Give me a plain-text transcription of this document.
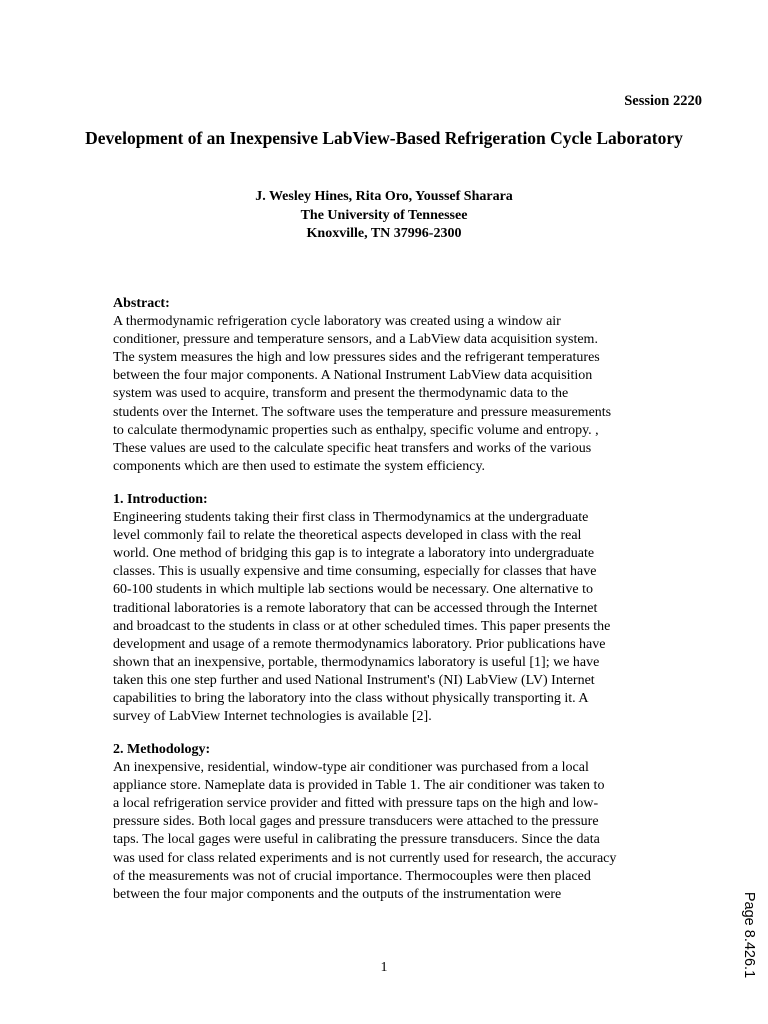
Session 2220
Development of an Inexpensive LabView-Based Refrigeration Cycle Laboratory
J. Wesley Hines, Rita Oro, Youssef Sharara
The University of Tennessee
Knoxville, TN 37996-2300
Abstract:
A thermodynamic refrigeration cycle laboratory was created using a window air
conditioner, pressure and temperature sensors, and a LabView data acquisition system.
The system measures the high and low pressures sides and the refrigerant temperatures
between the four major components. A National Instrument LabView data acquisition
system was used to acquire, transform and present the thermodynamic data to the
students over the Internet. The software uses the temperature and pressure measurements
to calculate thermodynamic properties such as enthalpy, specific volume and entropy. ,
These values are used to the calculate specific heat transfers and works of the various
components which are then used to estimate the system efficiency.
1. Introduction:
Engineering students taking their first class in Thermodynamics at the undergraduate
level commonly fail to relate the theoretical aspects developed in class with the real
world. One method of bridging this gap is to integrate a laboratory into undergraduate
classes. This is usually expensive and time consuming, especially for classes that have
60-100 students in which multiple lab sections would be necessary. One alternative to
traditional laboratories is a remote laboratory that can be accessed through the Internet
and broadcast to the students in class or at other scheduled times. This paper presents the
development and usage of a remote thermodynamics laboratory. Prior publications have
shown that an inexpensive, portable, thermodynamics laboratory is useful [1]; we have
taken this one step further and used National Instrument's (NI) LabView (LV) Internet
capabilities to bring the laboratory into the class without physically transporting it. A
survey of LabView Internet technologies is available [2].
2. Methodology:
An inexpensive, residential, window-type air conditioner was purchased from a local
appliance store. Nameplate data is provided in Table 1. The air conditioner was taken to
a local refrigeration service provider and fitted with pressure taps on the high and low-
pressure sides. Both local gages and pressure transducers were attached to the pressure
taps. The local gages were useful in calibrating the pressure transducers. Since the data
was used for class related experiments and is not currently used for research, the accuracy
of the measurements was not of crucial importance. Thermocouples were then placed
between the four major components and the outputs of the instrumentation were
1	Page 8.426.1
